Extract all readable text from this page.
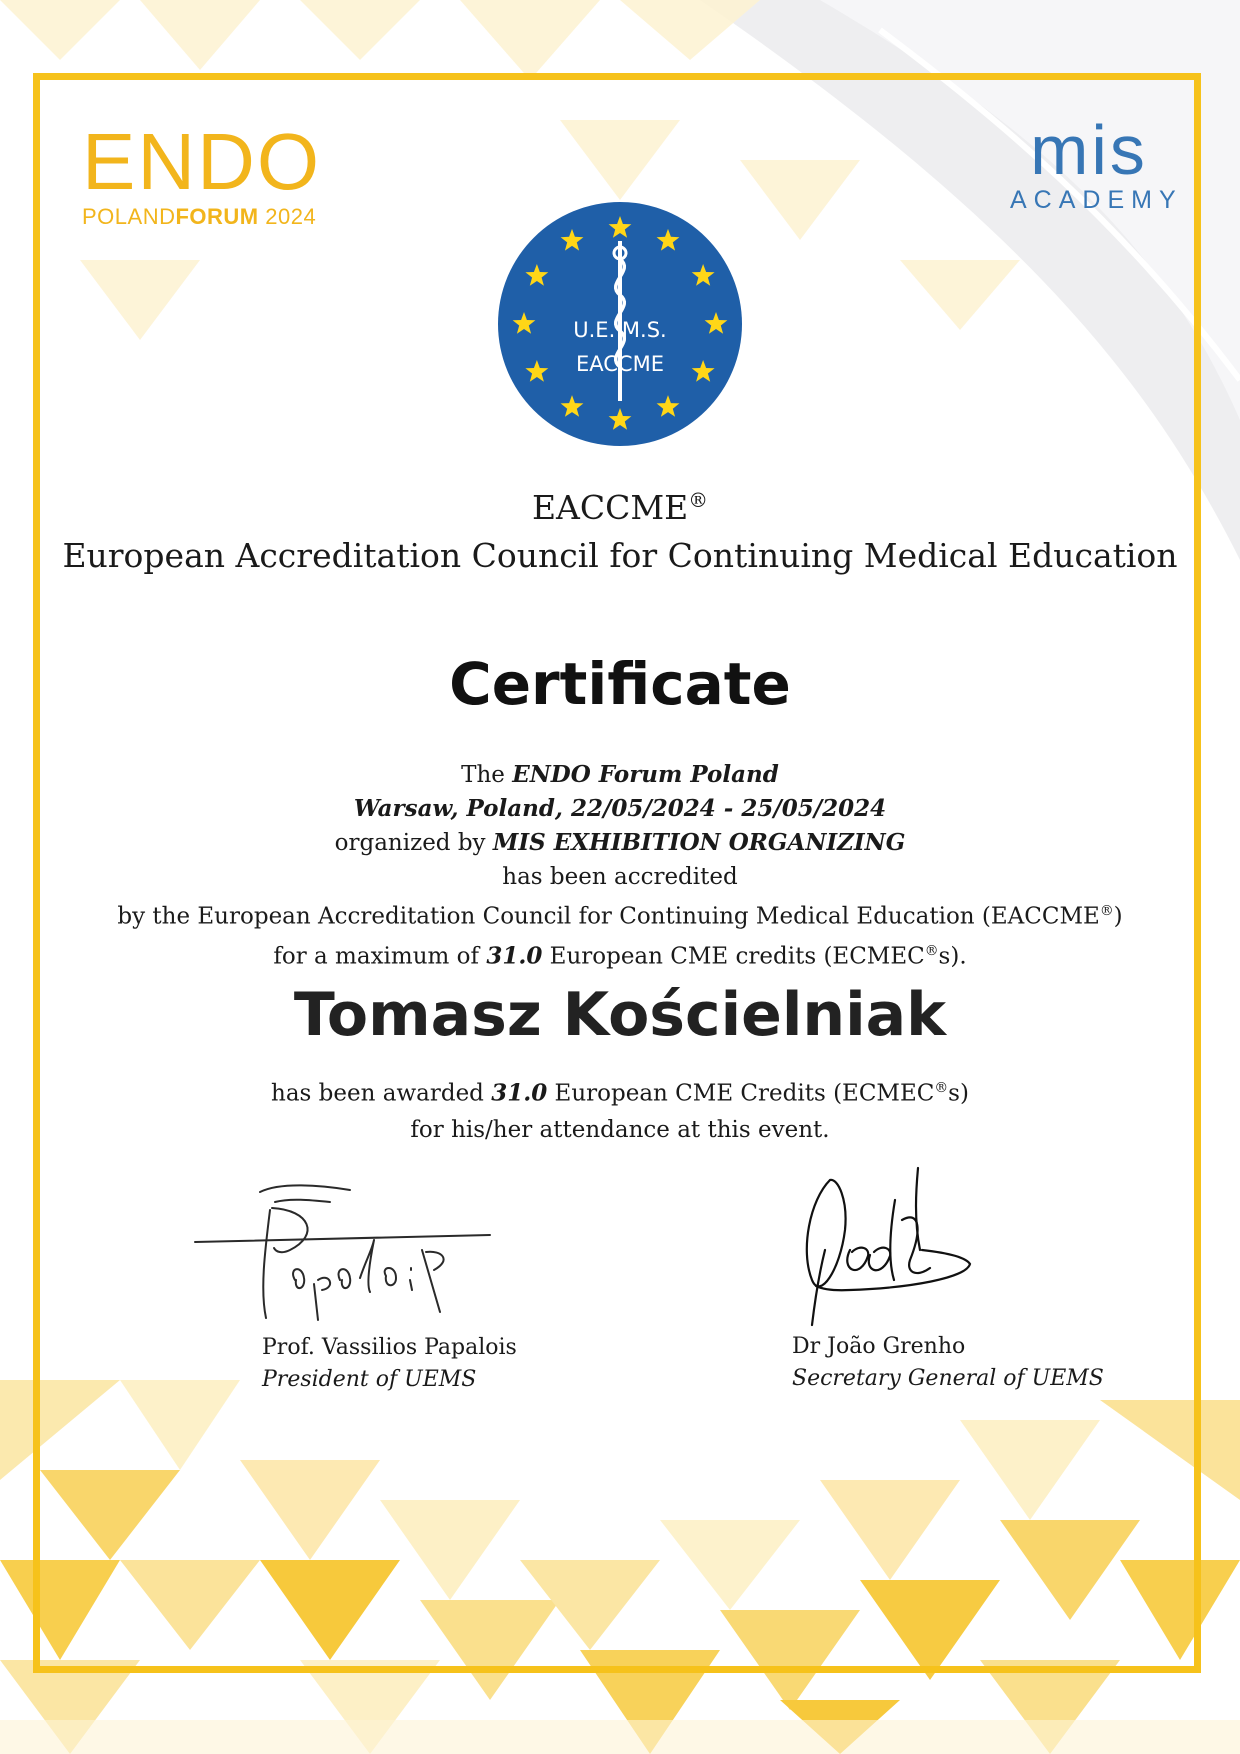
ENDO
POLANDFORUM 2024
mis
ACADEMY
U.E. M.S.
EACCME
EACCME®
European Accreditation Council for Continuing Medical Education
Certificate
The ENDO Forum Poland
Warsaw, Poland, 22/05/2024 - 25/05/2024
organized by MIS EXHIBITION ORGANIZING
has been accredited
by the European Accreditation Council for Continuing Medical Education (EACCME®)
for a maximum of 31.0 European CME credits (ECMEC®s).
Tomasz Kościelniak
has been awarded 31.0 European CME Credits (ECMEC®s)
for his/her attendance at this event.
Prof. Vassilios Papalois
President of UEMS
Dr João Grenho
Secretary General of UEMS
